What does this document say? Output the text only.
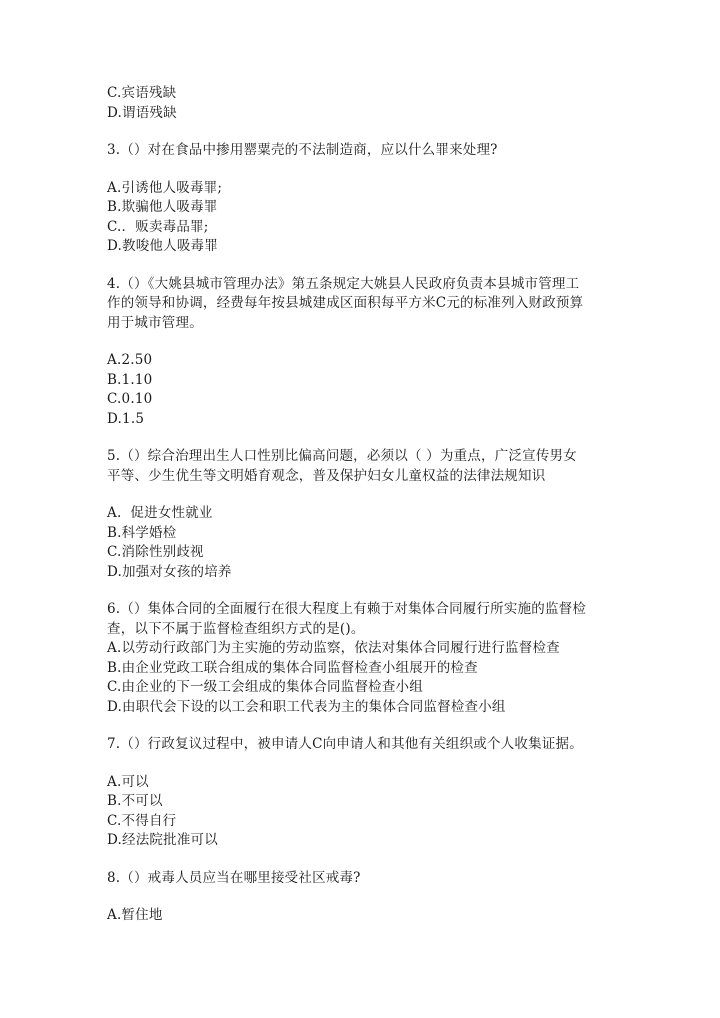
C.宾语残缺
D.谓语残缺
3.（）对在食品中掺用罂粟壳的不法制造商，应以什么罪来处理?
A.引诱他人吸毒罪;
B.欺骗他人吸毒罪
C.．贩卖毒品罪;
D.教唆他人吸毒罪
4.（）《大姚县城市管理办法》第五条规定大姚县人民政府负责本县城市管理工
作的领导和协调，经费每年按县城建成区面积每平方米C元的标准列入财政预算
用于城市管理。
A.2.50
B.1.10
C.0.10
D.1.5
5.（）综合治理出生人口性别比偏高问题，必须以（ ）为重点，广泛宣传男女
平等、少生优生等文明婚育观念，普及保护妇女儿童权益的法律法规知识
A.  促进女性就业
B.科学婚检
C.消除性别歧视
D.加强对女孩的培养
6.（）集体合同的全面履行在很大程度上有赖于对集体合同履行所实施的监督检
查，以下不属于监督检查组织方式的是()。
A.以劳动行政部门为主实施的劳动监察，依法对集体合同履行进行监督检查
B.由企业党政工联合组成的集体合同监督检查小组展开的检查
C.由企业的下一级工会组成的集体合同监督检查小组
D.由职代会下设的以工会和职工代表为主的集体合同监督检查小组
7.（）行政复议过程中，被申请人C向申请人和其他有关组织或个人收集证据。
A.可以
B.不可以
C.不得自行
D.经法院批准可以
8.（）戒毒人员应当在哪里接受社区戒毒?
A.暂住地
